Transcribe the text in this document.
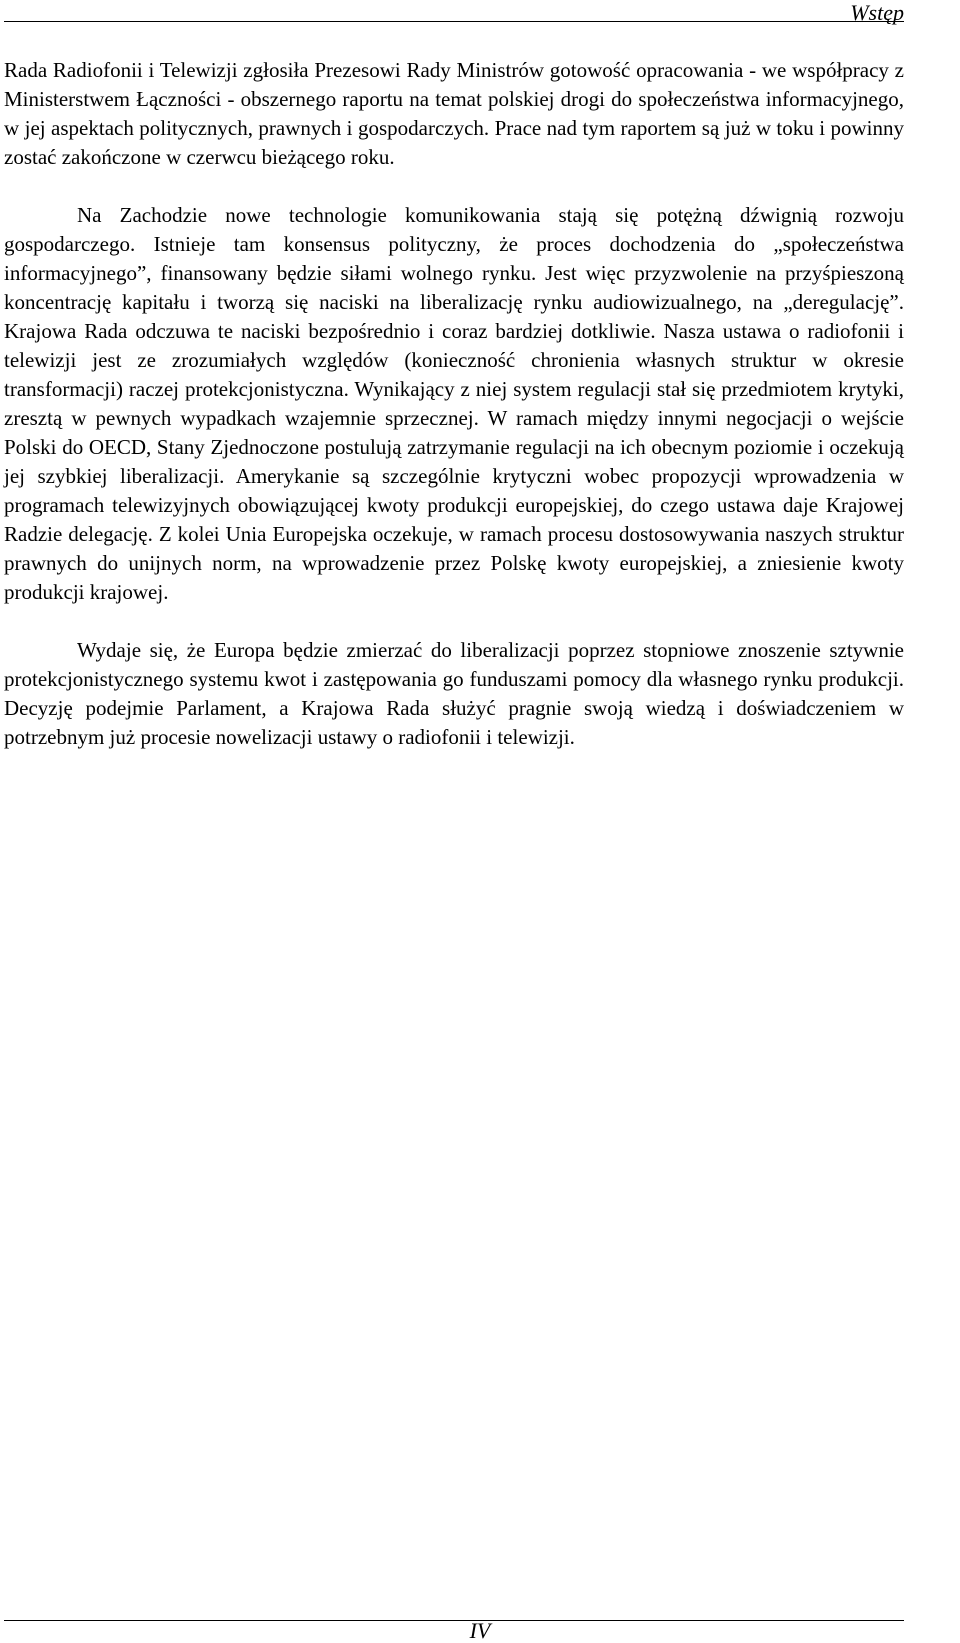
Wstęp

Rada Radiofonii i Telewizji zgłosiła Prezesowi Rady Ministrów gotowość opracowania - we współpracy z Ministerstwem Łączności - obszernego raportu na temat polskiej drogi do społeczeństwa informacyjnego, w jej aspektach politycznych, prawnych i gospodarczych. Prace nad tym raportem są już w toku i powinny zostać zakończone w czerwcu bieżącego roku.

Na Zachodzie nowe technologie komunikowania stają się potężną dźwignią rozwoju gospodarczego. Istnieje tam konsensus polityczny, że proces dochodzenia do „społeczeństwa informacyjnego”, finansowany będzie siłami wolnego rynku. Jest więc przyzwolenie na przyśpieszoną koncentrację kapitału i tworzą się naciski na liberalizację rynku audiowizualnego, na „deregulację”. Krajowa Rada odczuwa te naciski bezpośrednio i coraz bardziej dotkliwie. Nasza ustawa o radiofonii i telewizji jest ze zrozumiałych względów (konieczność chronienia własnych struktur w okresie transformacji) raczej protekcjonistyczna. Wynikający z niej system regulacji stał się przedmiotem krytyki, zresztą w pewnych wypadkach wzajemnie sprzecznej. W ramach między innymi negocjacji o wejście Polski do OECD, Stany Zjednoczone postulują zatrzymanie regulacji na ich obecnym poziomie i oczekują jej szybkiej liberalizacji. Amerykanie są szczególnie krytyczni wobec propozycji wprowadzenia w programach telewizyjnych obowiązującej kwoty produkcji europejskiej, do czego ustawa daje Krajowej Radzie delegację. Z kolei Unia Europejska oczekuje, w ramach procesu dostosowywania naszych struktur prawnych do unijnych norm, na wprowadzenie przez Polskę kwoty europejskiej, a zniesienie kwoty produkcji krajowej.

Wydaje się, że Europa będzie zmierzać do liberalizacji poprzez stopniowe znoszenie sztywnie protekcjonistycznego systemu kwot i zastępowania go funduszami pomocy dla własnego rynku produkcji. Decyzję podejmie Parlament, a Krajowa Rada służyć pragnie swoją wiedzą i doświadczeniem w potrzebnym już procesie nowelizacji ustawy o radiofonii i telewizji.

IV
